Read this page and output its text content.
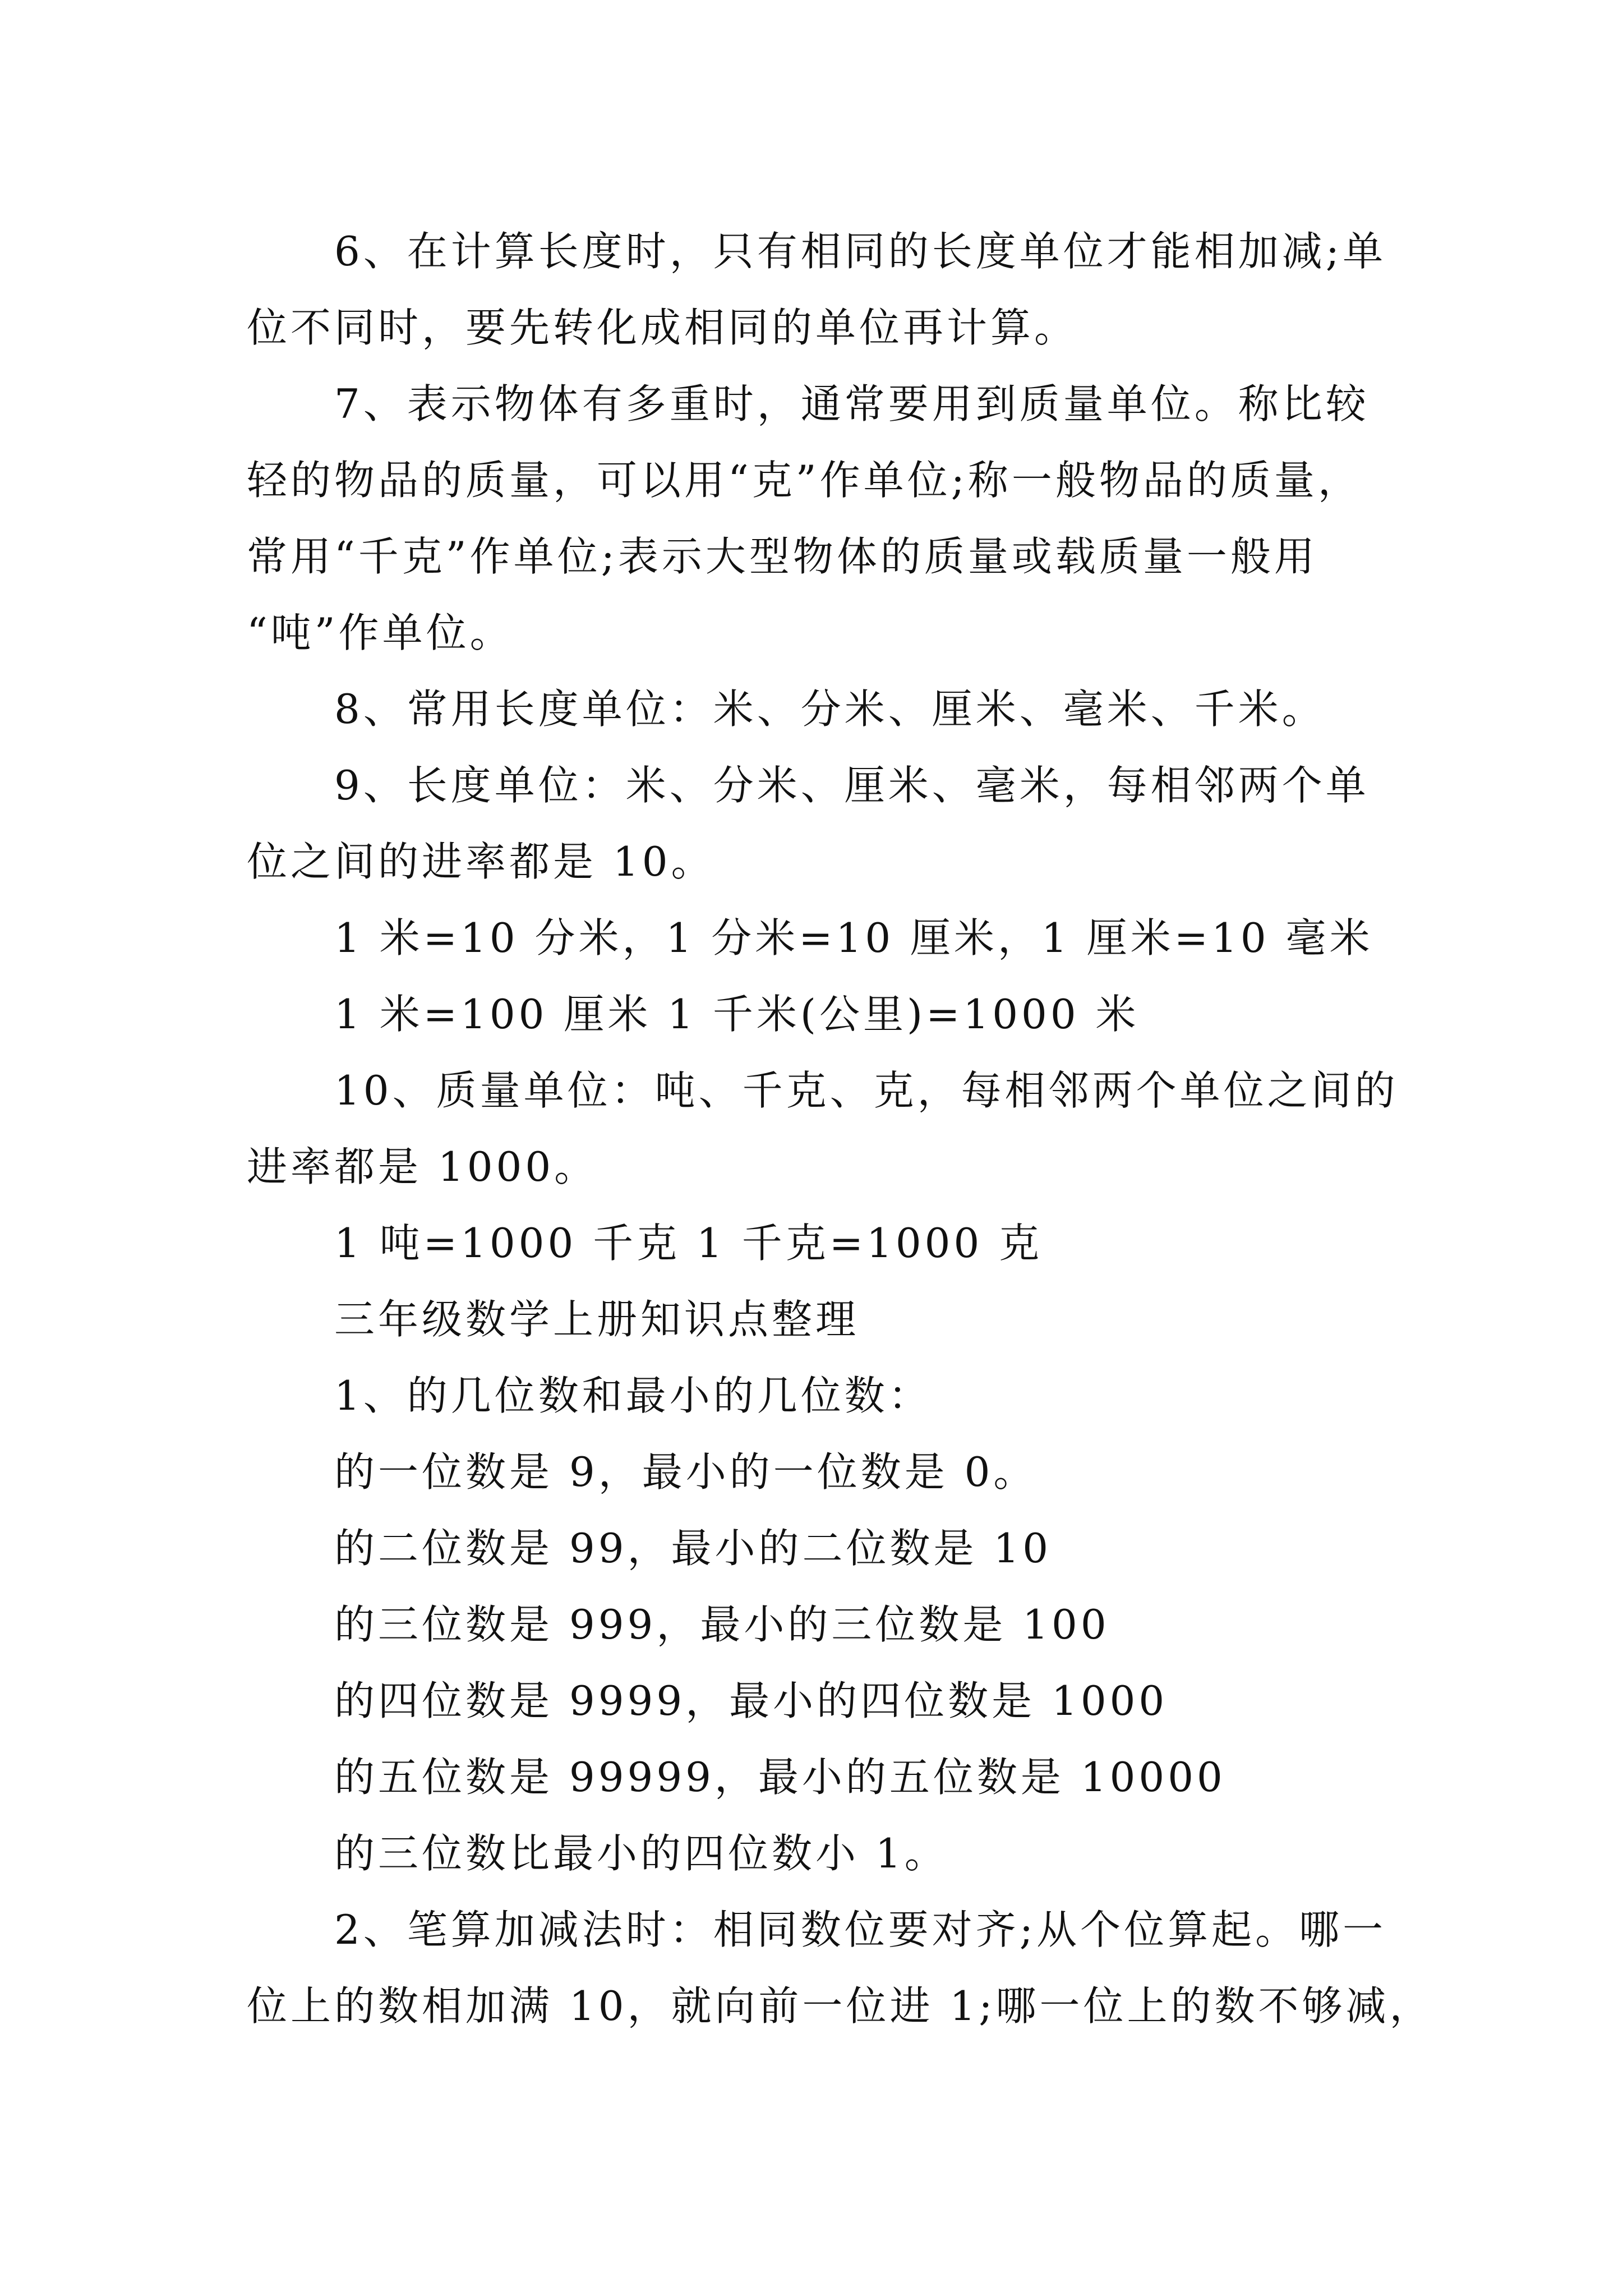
6、在计算长度时，只有相同的长度单位才能相加减;单

位不同时，要先转化成相同的单位再计算。

7、表示物体有多重时，通常要用到质量单位。称比较

轻的物品的质量，可以用“克”作单位;称一般物品的质量，

常用“千克”作单位;表示大型物体的质量或载质量一般用

“吨”作单位。

8、常用长度单位：米、分米、厘米、毫米、千米。

9、长度单位：米、分米、厘米、毫米，每相邻两个单

位之间的进率都是 10。

1 米=10 分米，1 分米=10 厘米，1 厘米=10 毫米

1 米=100 厘米 1 千米(公里)=1000 米

10、质量单位：吨、千克、克，每相邻两个单位之间的

进率都是 1000。

1 吨=1000 千克 1 千克=1000 克

三年级数学上册知识点整理

1、的几位数和最小的几位数：

的一位数是 9，最小的一位数是 0。

的二位数是 99，最小的二位数是 10

的三位数是 999，最小的三位数是 100

的四位数是 9999，最小的四位数是 1000

的五位数是 99999，最小的五位数是 10000

的三位数比最小的四位数小 1。

2、笔算加减法时：相同数位要对齐;从个位算起。哪一

位上的数相加满 10，就向前一位进 1;哪一位上的数不够减，
